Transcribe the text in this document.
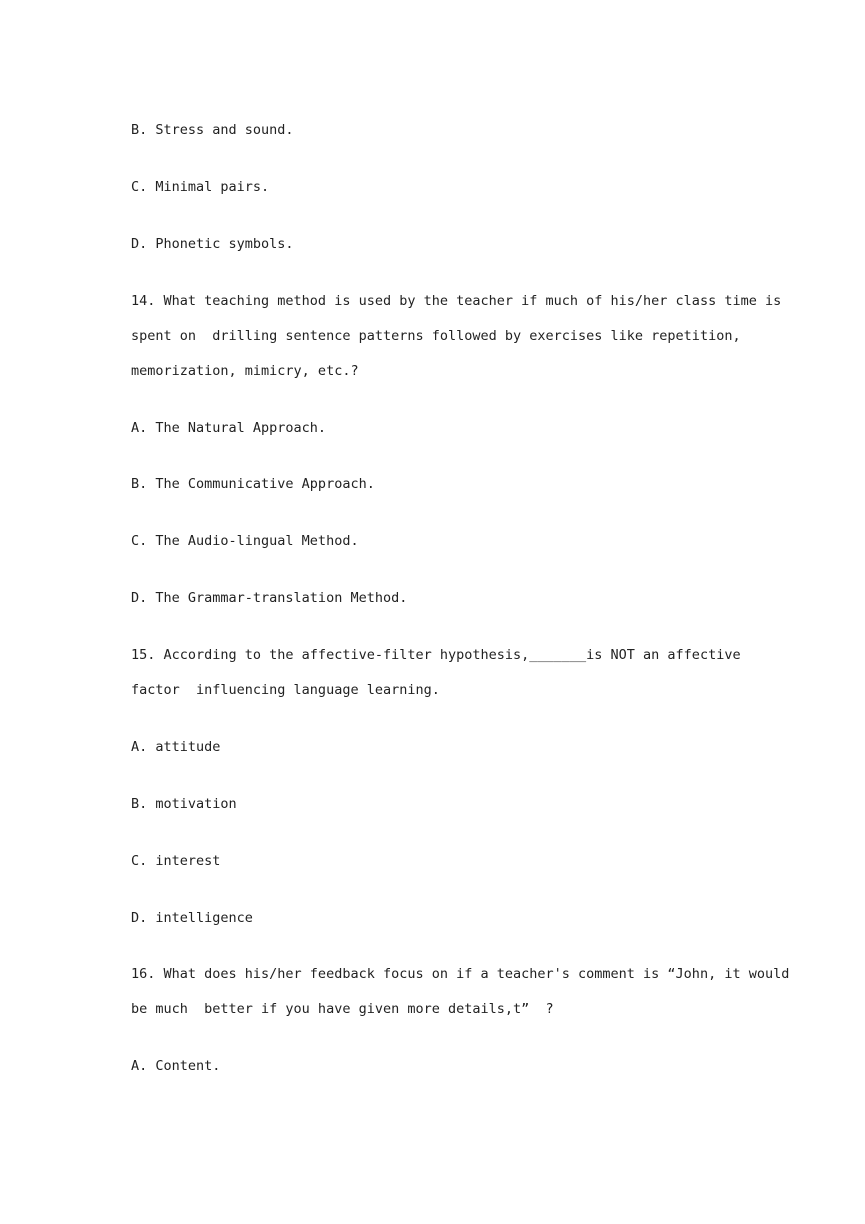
B. Stress and sound.

C. Minimal pairs.

D. Phonetic symbols.

14. What teaching method is used by the teacher if much of his/her class time is

spent on  drilling sentence patterns followed by exercises like repetition,

memorization, mimicry, etc.?

A. The Natural Approach.

B. The Communicative Approach.

C. The Audio-lingual Method.

D. The Grammar-translation Method.

15. According to the affective-filter hypothesis,_______is NOT an affective

factor  influencing language learning.

A. attitude

B. motivation

C. interest

D. intelligence

16. What does his/her feedback focus on if a teacher's comment is “John, it would

be much  better if you have given more details,t”  ?

A. Content.
